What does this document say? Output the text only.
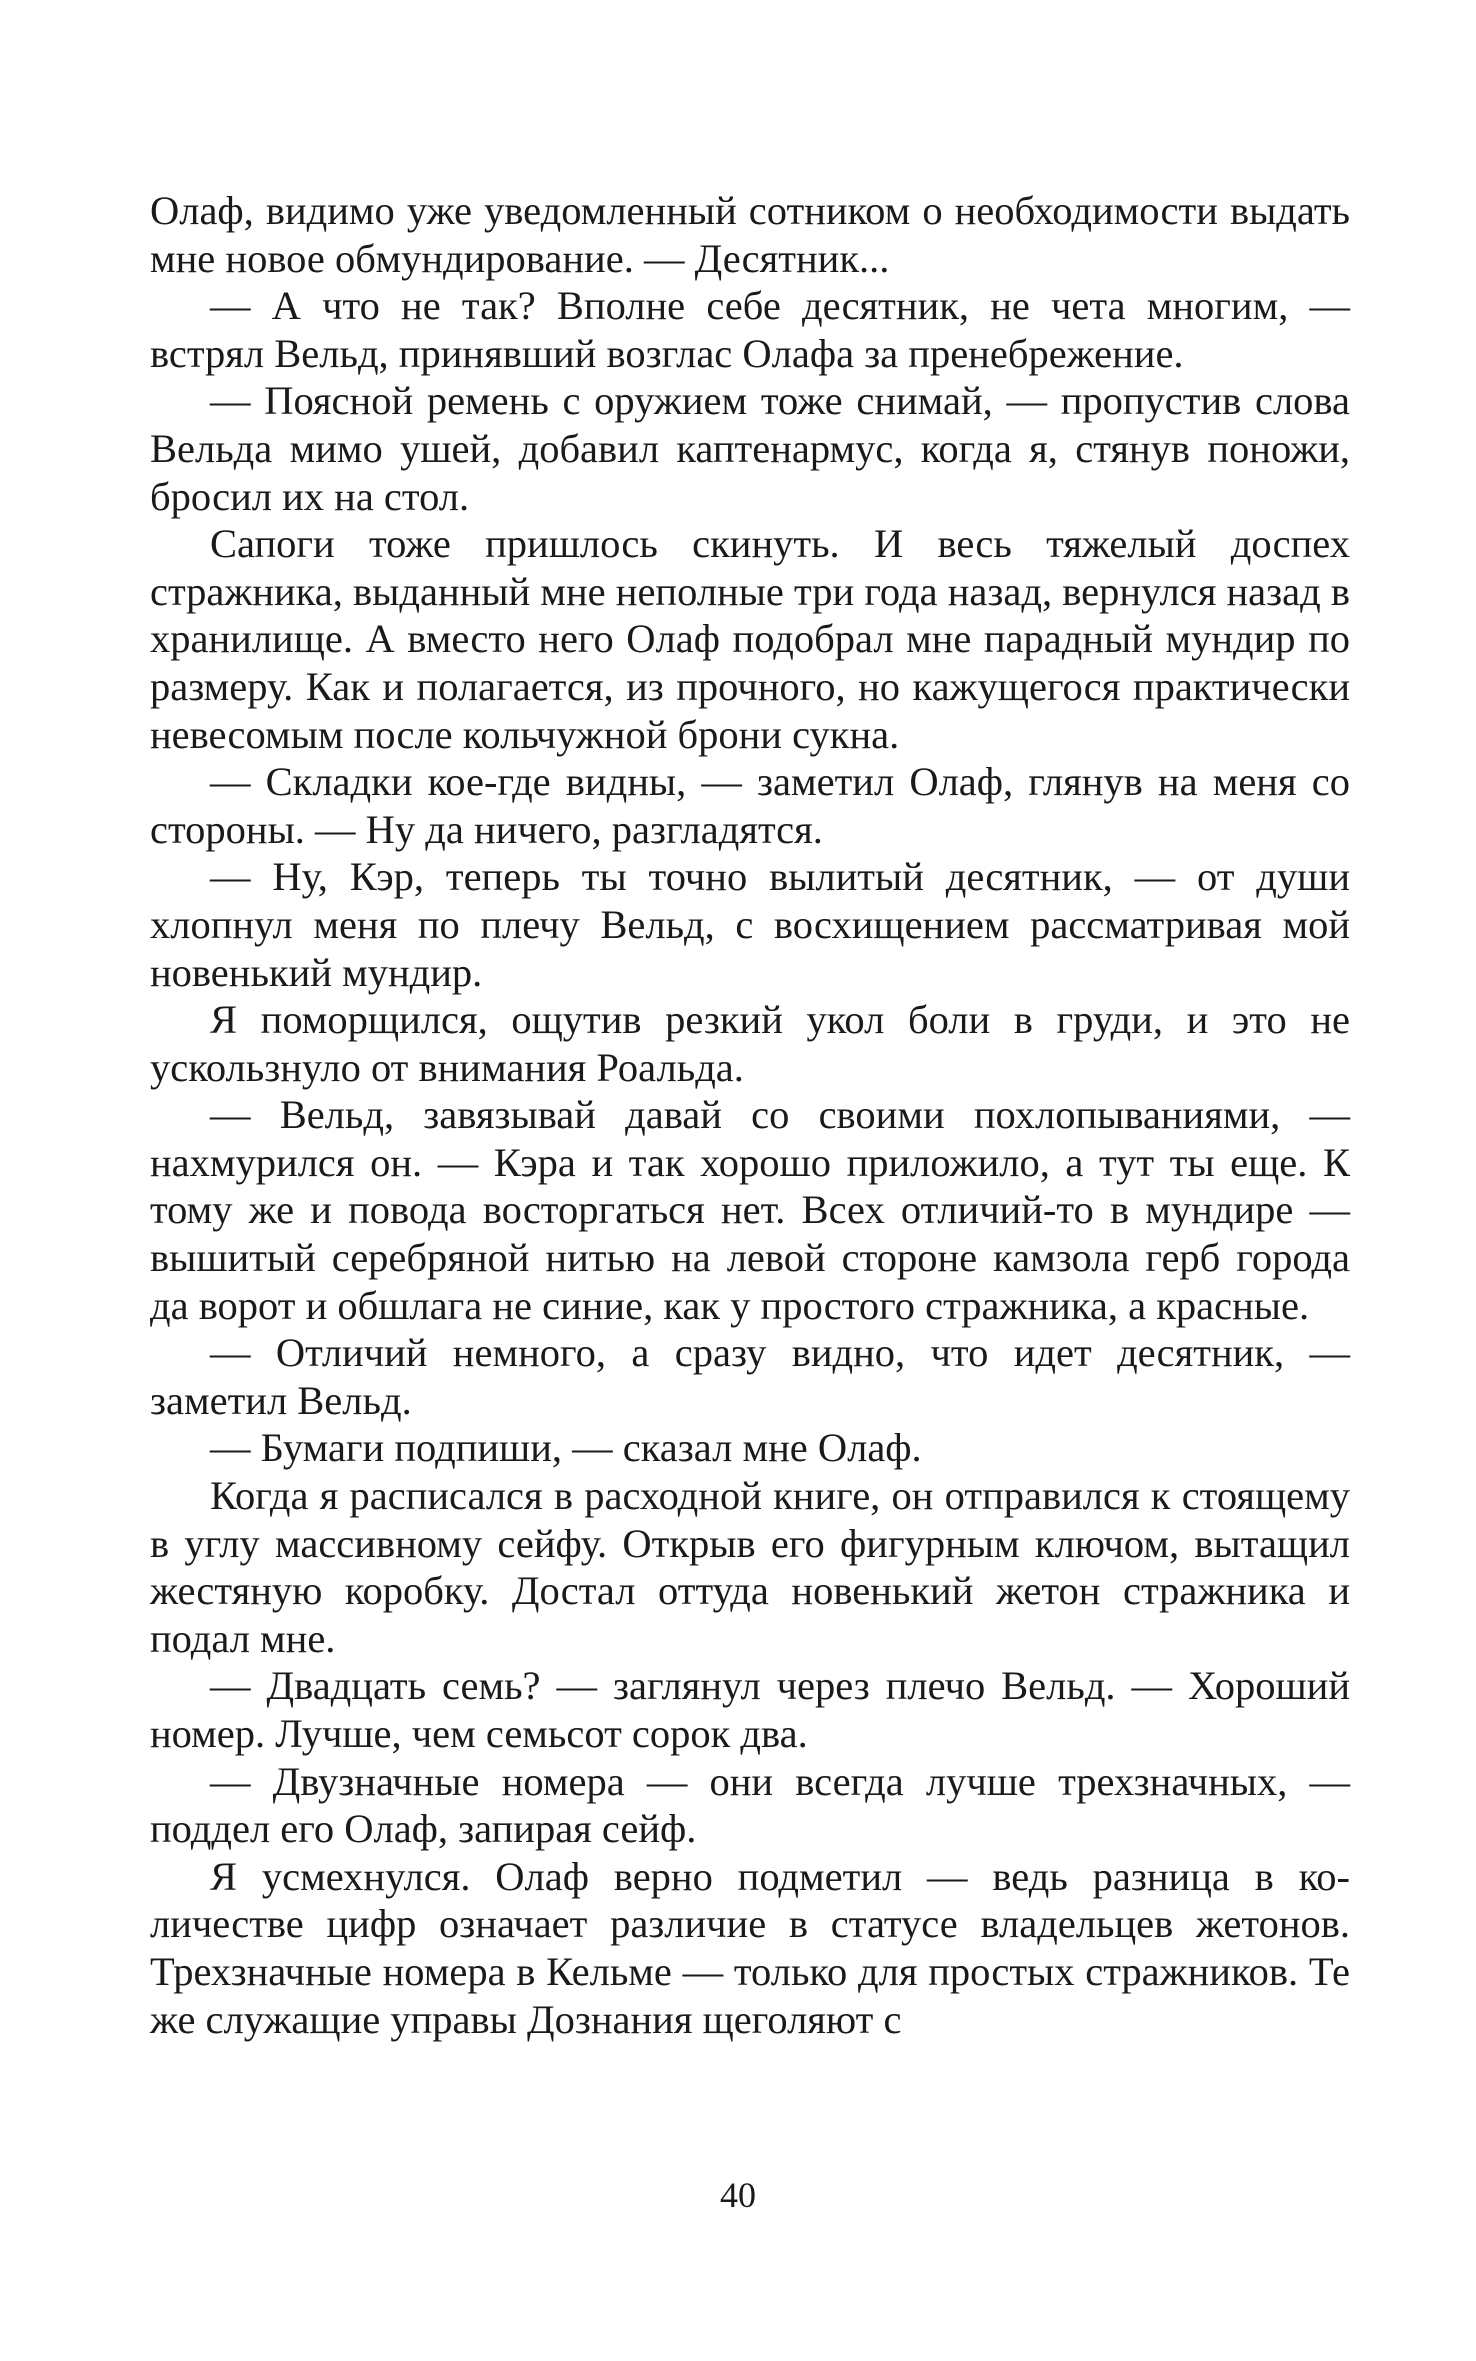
Олаф, видимо уже уведомленный сотником о необходимости выдать мне новое обмундирование. — Десятник...

— А что не так? Вполне себе десятник, не чета многим, — встрял Вельд, принявший возглас Олафа за пренебрежение.

— Поясной ремень с оружием тоже снимай, — пропустив слова Вельда мимо ушей, добавил каптенармус, когда я, стянув поножи, бросил их на стол.

Сапоги тоже пришлось скинуть. И весь тяжелый доспех стражника, выданный мне неполные три года назад, вернулся назад в хранилище. А вместо него Олаф подобрал мне парадный мундир по размеру. Как и полагается, из прочного, но кажущегося практически невесомым после кольчужной брони сукна.

— Складки кое-где видны, — заметил Олаф, глянув на меня со стороны. — Ну да ничего, разгладятся.

— Ну, Кэр, теперь ты точно вылитый десятник, — от души хлопнул меня по плечу Вельд, с восхищением рассматривая мой новенький мундир.

Я поморщился, ощутив резкий укол боли в груди, и это не ускользнуло от внимания Роальда.

— Вельд, завязывай давай со своими похлопываниями, — нахмурился он. — Кэра и так хорошо приложило, а тут ты еще. К тому же и повода восторгаться нет. Всех отличий-то в мундире — вышитый серебряной нитью на левой стороне камзола герб города да ворот и обшлага не синие, как у простого стражника, а красные.

— Отличий немного, а сразу видно, что идет десятник, — заметил Вельд.

— Бумаги подпиши, — сказал мне Олаф.

Когда я расписался в расходной книге, он отправился к стоящему в углу массивному сейфу. Открыв его фигурным ключом, вытащил жестяную коробку. Достал оттуда новенький жетон стражника и подал мне.

— Двадцать семь? — заглянул через плечо Вельд. — Хороший номер. Лучше, чем семьсот сорок два.

— Двузначные номера — они всегда лучше трехзначных, — поддел его Олаф, запирая сейф.

Я усмехнулся. Олаф верно подметил — ведь разница в количестве цифр означает различие в статусе владельцев жетонов. Трехзначные номера в Кельме — только для простых стражников. Те же служащие управы Дознания щеголяют с

40
